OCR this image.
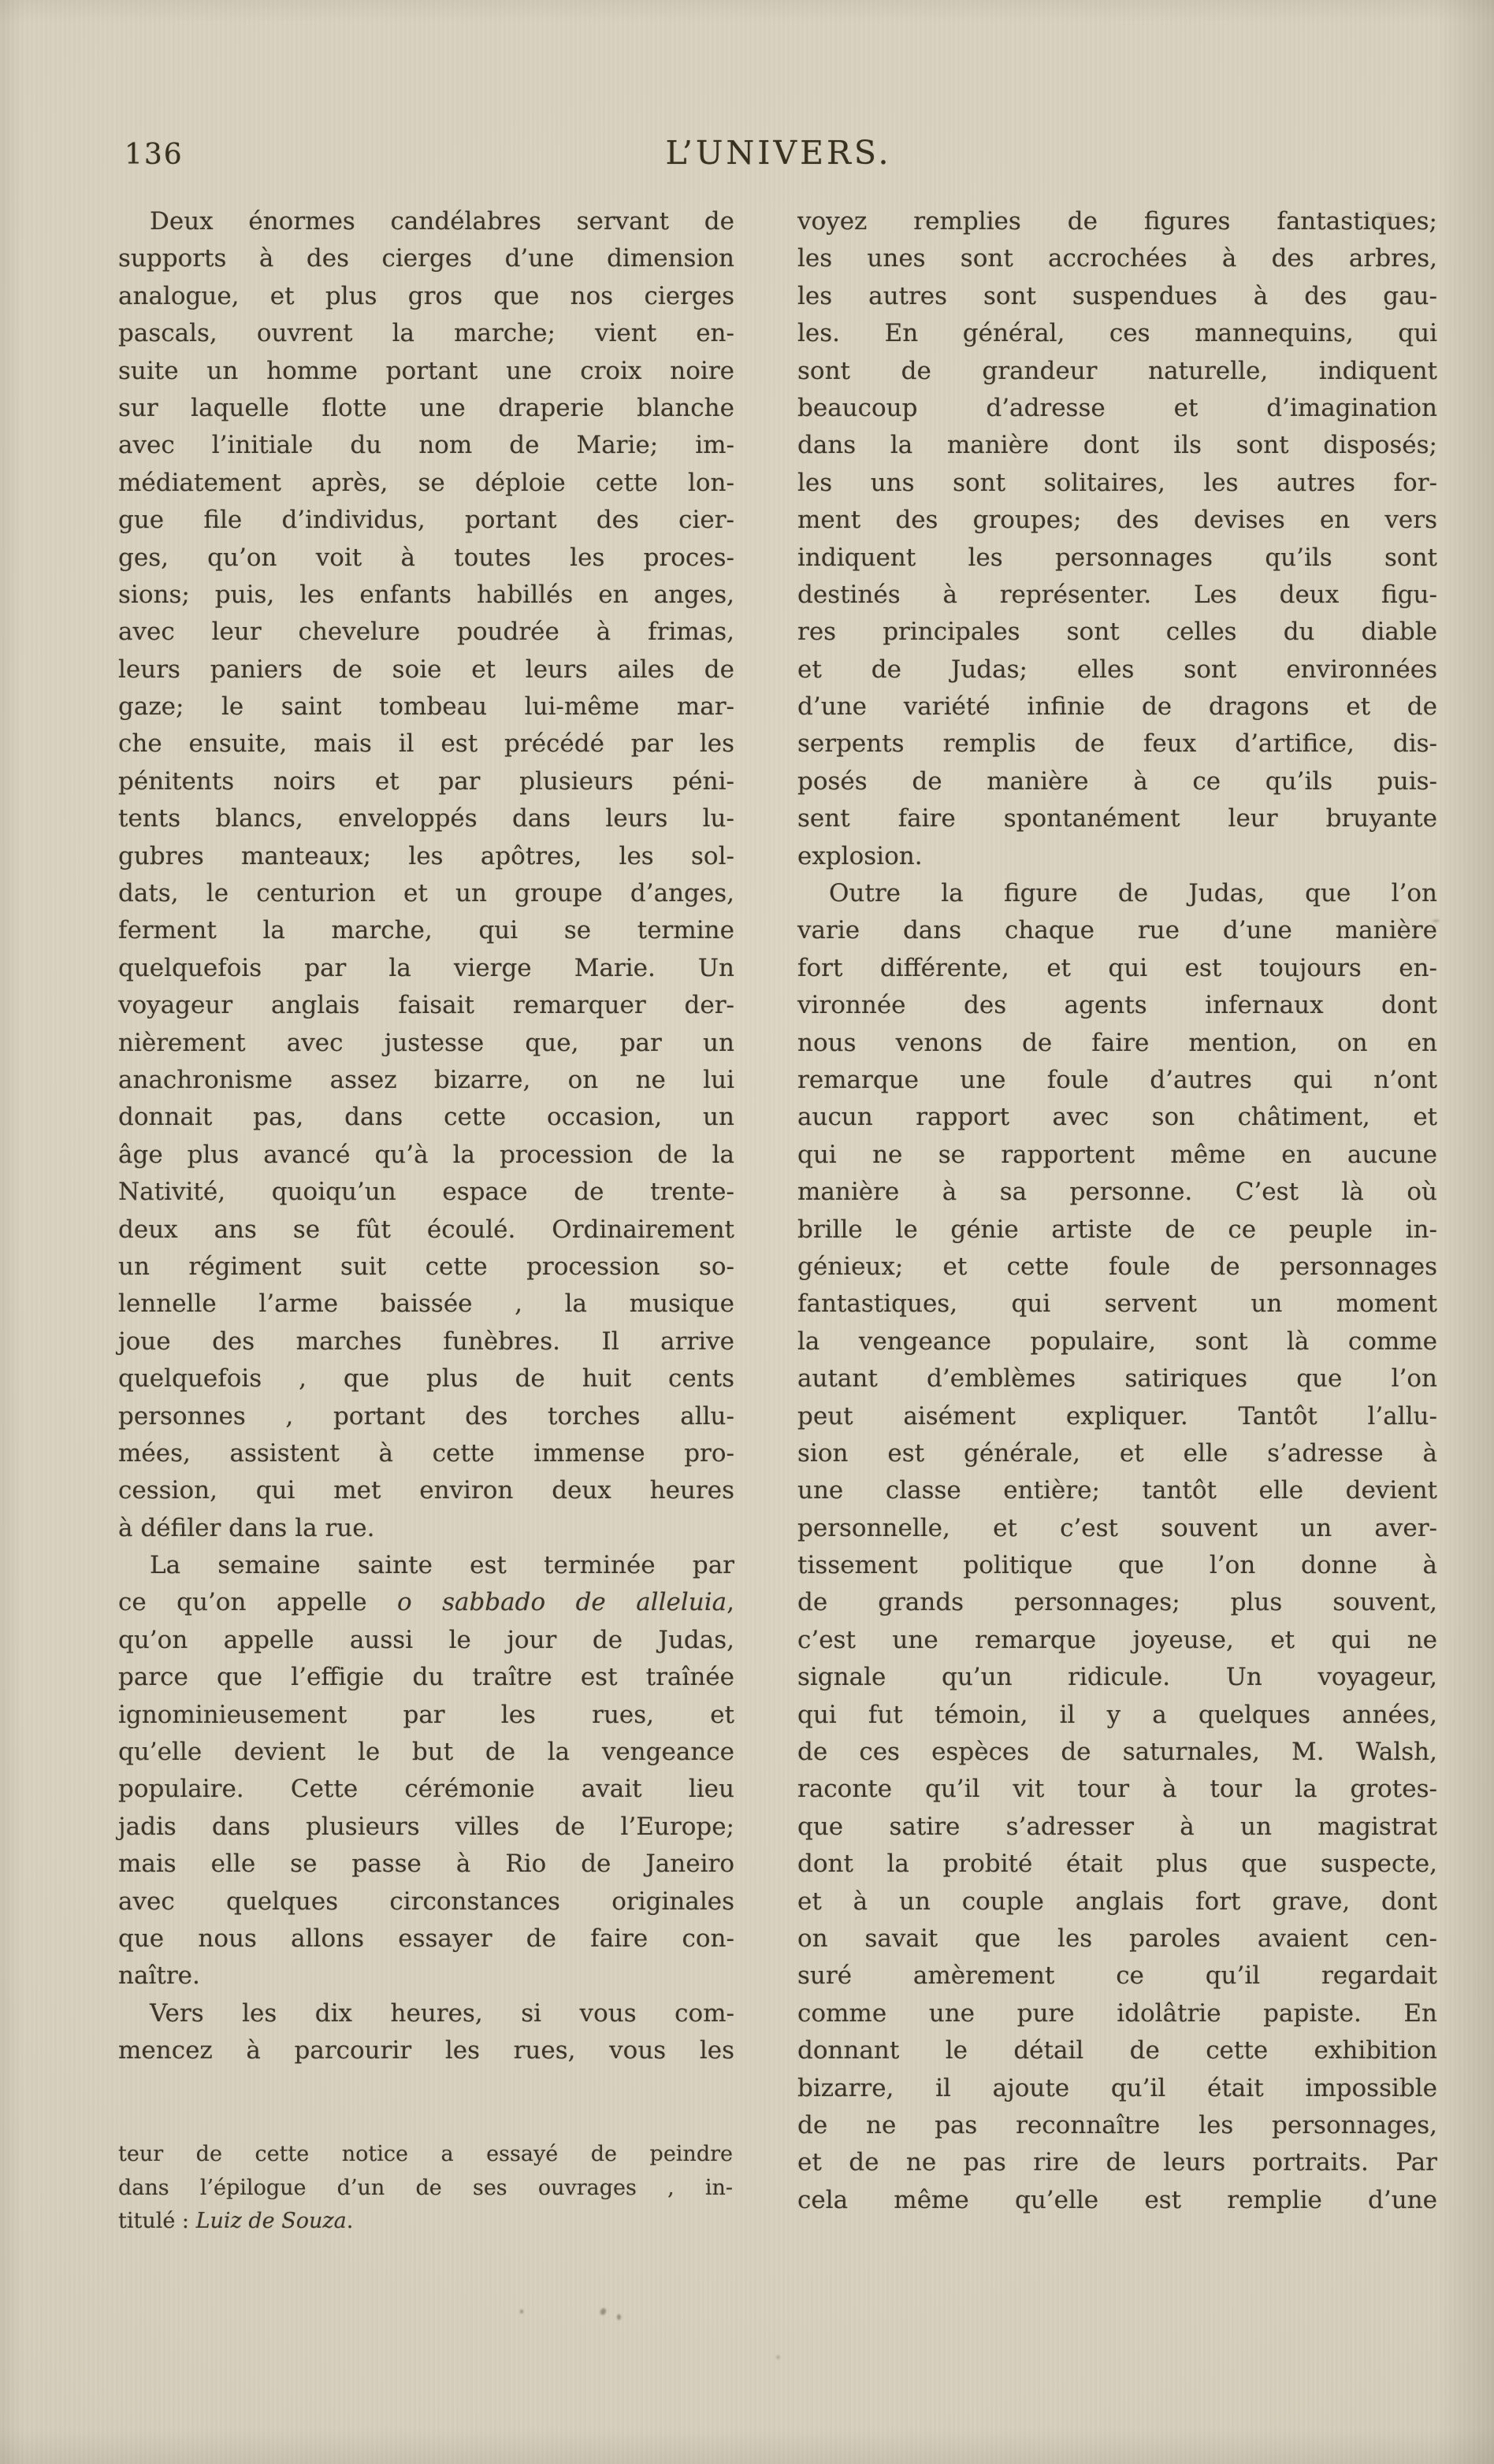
136	L’UNIVERS.
Deux énormes candélabres servant de
supports à des cierges d’une dimension
analogue, et plus gros que nos cierges
pascals, ouvrent la marche; vient en-
suite un homme portant une croix noire
sur laquelle flotte une draperie blanche
avec l’initiale du nom de Marie; im-
médiatement après, se déploie cette lon-
gue file d’individus, portant des cier-
ges, qu’on voit à toutes les proces-
sions; puis, les enfants habillés en anges,
avec leur chevelure poudrée à frimas,
leurs paniers de soie et leurs ailes de
gaze; le saint tombeau lui-même mar-
che ensuite, mais il est précédé par les
pénitents noirs et par plusieurs péni-
tents blancs, enveloppés dans leurs lu-
gubres manteaux; les apôtres, les sol-
dats, le centurion et un groupe d’anges,
ferment la marche, qui se termine
quelquefois par la vierge Marie. Un
voyageur anglais faisait remarquer der-
nièrement avec justesse que, par un
anachronisme assez bizarre, on ne lui
donnait pas, dans cette occasion, un
âge plus avancé qu’à la procession de la
Nativité, quoiqu’un espace de trente-
deux ans se fût écoulé. Ordinairement
un régiment suit cette procession so-
lennelle l’arme baissée , la musique
joue des marches funèbres. Il arrive
quelquefois , que plus de huit cents
personnes , portant des torches allu-
mées, assistent à cette immense pro-
cession, qui met environ deux heures
à défiler dans la rue.
La semaine sainte est terminée par
ce qu’on appelle o sabbado de alleluia,
qu’on appelle aussi le jour de Judas,
parce que l’effigie du traître est traînée
ignominieusement par les rues, et
qu’elle devient le but de la vengeance
populaire. Cette cérémonie avait lieu
jadis dans plusieurs villes de l’Europe;
mais elle se passe à Rio de Janeiro
avec quelques circonstances originales
que nous allons essayer de faire con-
naître.
Vers les dix heures, si vous com-
mencez à parcourir les rues, vous les
voyez remplies de figures fantastiques;
les unes sont accrochées à des arbres,
les autres sont suspendues à des gau-
les. En général, ces mannequins, qui
sont de grandeur naturelle, indiquent
beaucoup d’adresse et d’imagination
dans la manière dont ils sont disposés;
les uns sont solitaires, les autres for-
ment des groupes; des devises en vers
indiquent les personnages qu’ils sont
destinés à représenter. Les deux figu-
res principales sont celles du diable
et de Judas; elles sont environnées
d’une variété infinie de dragons et de
serpents remplis de feux d’artifice, dis-
posés de manière à ce qu’ils puis-
sent faire spontanément leur bruyante
explosion.
Outre la figure de Judas, que l’on
varie dans chaque rue d’une manière
fort différente, et qui est toujours en-
vironnée des agents infernaux dont
nous venons de faire mention, on en
remarque une foule d’autres qui n’ont
aucun rapport avec son châtiment, et
qui ne se rapportent même en aucune
manière à sa personne. C’est là où
brille le génie artiste de ce peuple in-
génieux; et cette foule de personnages
fantastiques, qui servent un moment
la vengeance populaire, sont là comme
autant d’emblèmes satiriques que l’on
peut aisément expliquer. Tantôt l’allu-
sion est générale, et elle s’adresse à
une classe entière; tantôt elle devient
personnelle, et c’est souvent un aver-
tissement politique que l’on donne à
de grands personnages; plus souvent,
c’est une remarque joyeuse, et qui ne
signale qu’un ridicule. Un voyageur,
qui fut témoin, il y a quelques années,
de ces espèces de saturnales, M. Walsh,
raconte qu’il vit tour à tour la grotes-
que satire s’adresser à un magistrat
dont la probité était plus que suspecte,
et à un couple anglais fort grave, dont
on savait que les paroles avaient cen-
suré amèrement ce qu’il regardait
comme une pure idolâtrie papiste. En
donnant le détail de cette exhibition
bizarre, il ajoute qu’il était impossible
de ne pas reconnaître les personnages,
et de ne pas rire de leurs portraits. Par
cela même qu’elle est remplie d’une
teur de cette notice a essayé de peindre
dans l’épilogue d’un de ses ouvrages , in-
titulé : Luiz de Souza.
